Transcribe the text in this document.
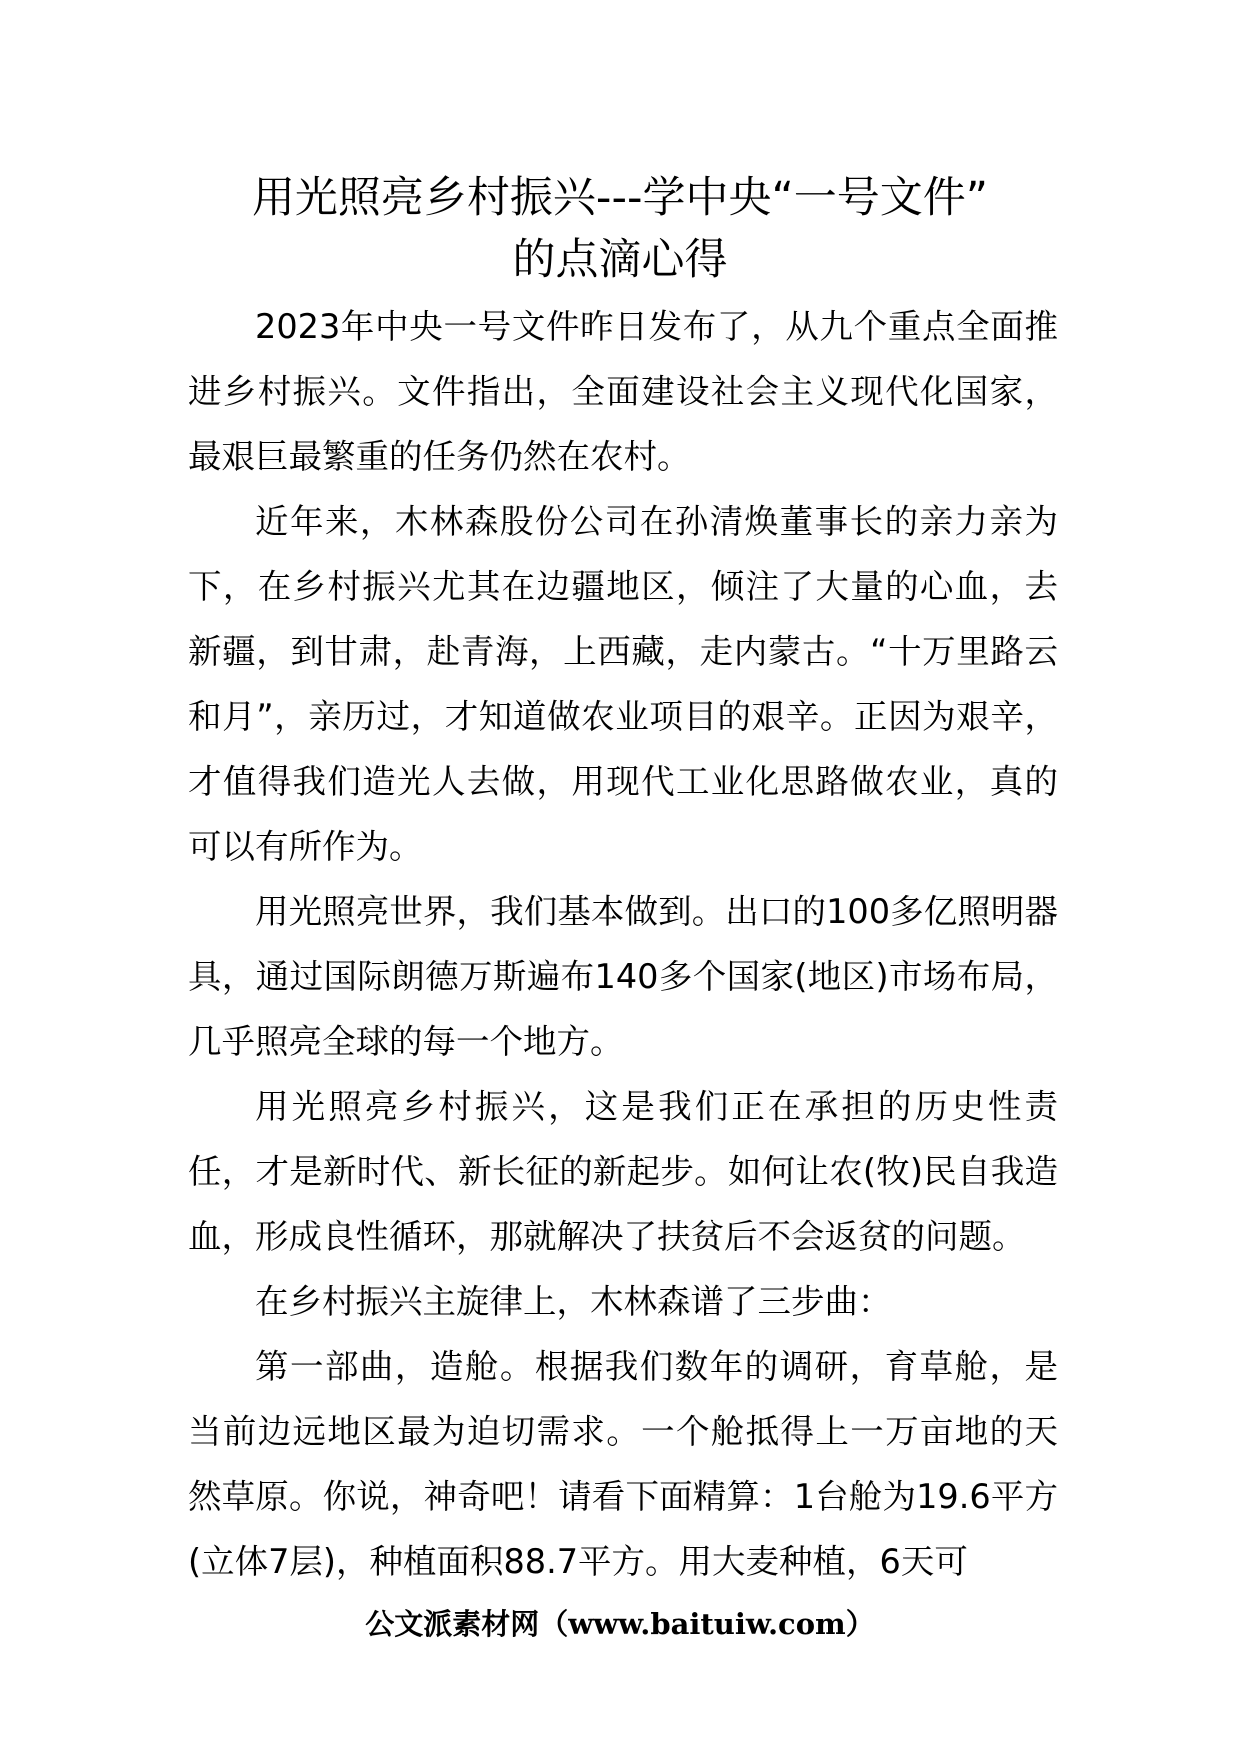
用光照亮乡村振兴---学中央“一号文件”
的点滴心得

2023年中央一号文件昨日发布了，从九个重点全面推进乡村振兴。文件指出，全面建设社会主义现代化国家，最艰巨最繁重的任务仍然在农村。

近年来，木林森股份公司在孙清焕董事长的亲力亲为下，在乡村振兴尤其在边疆地区，倾注了大量的心血，去新疆，到甘肃，赴青海，上西藏，走内蒙古。“十万里路云和月”，亲历过，才知道做农业项目的艰辛。正因为艰辛，才值得我们造光人去做，用现代工业化思路做农业，真的可以有所作为。

用光照亮世界，我们基本做到。出口的100多亿照明器具，通过国际朗德万斯遍布140多个国家(地区)市场布局，几乎照亮全球的每一个地方。

用光照亮乡村振兴，这是我们正在承担的历史性责任，才是新时代、新长征的新起步。如何让农(牧)民自我造血，形成良性循环，那就解决了扶贫后不会返贫的问题。

在乡村振兴主旋律上，木林森谱了三步曲：

第一部曲，造舱。根据我们数年的调研，育草舱，是当前边远地区最为迫切需求。一个舱抵得上一万亩地的天然草原。你说，神奇吧！请看下面精算：1台舱为19.6平方(立体7层)，种植面积88.7平方。用大麦种植，6天可

公文派素材网（www.baituiw.com）
